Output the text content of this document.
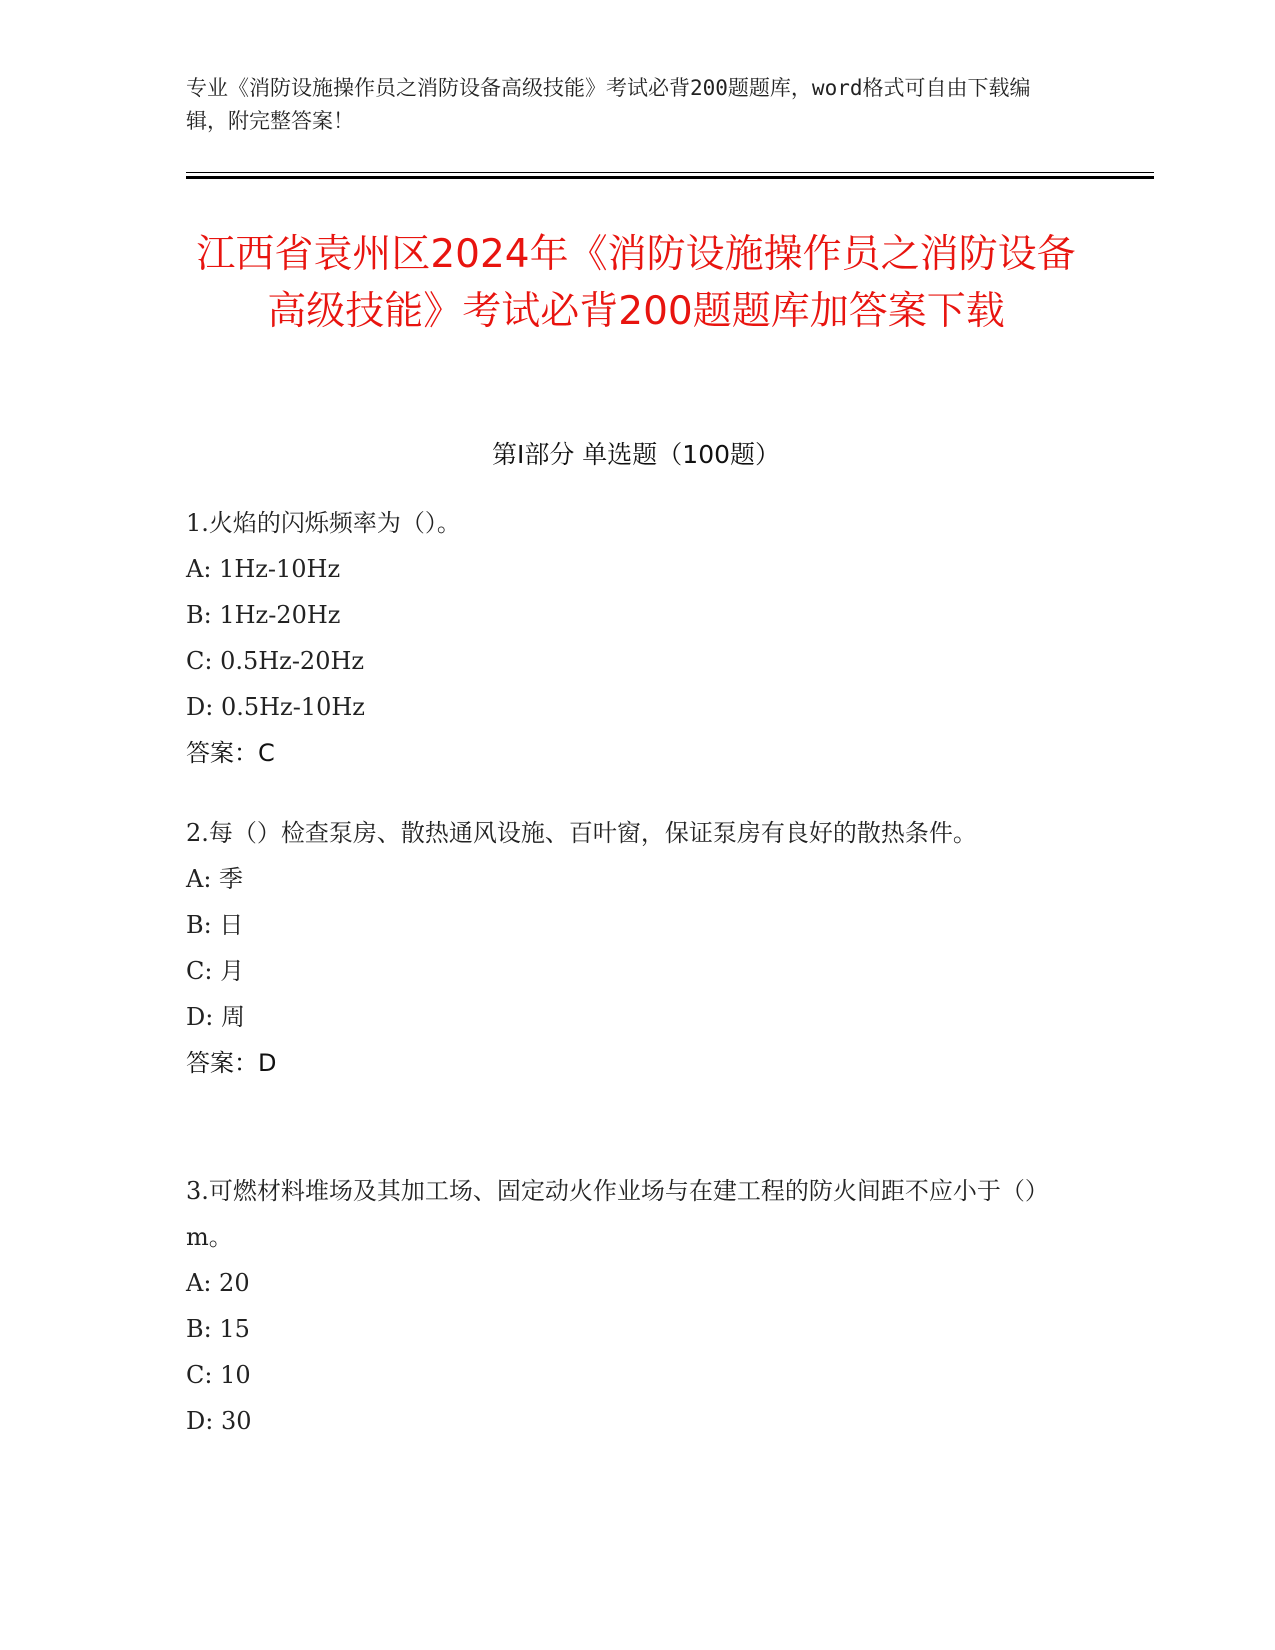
专业《消防设施操作员之消防设备高级技能》考试必背200题题库，word格式可自由下载编辑，附完整答案！
江西省袁州区2024年《消防设施操作员之消防设备高级技能》考试必背200题题库加答案下载
第Ⅰ部分 单选题（100题）

1.火焰的闪烁频率为（）。

A: 1Hz-10Hz

B: 1Hz-20Hz

C: 0.5Hz-20Hz

D: 0.5Hz-10Hz

答案：C

2.每（）检查泵房、散热通风设施、百叶窗，保证泵房有良好的散热条件。

A: 季

B: 日

C: 月

D: 周

答案：D

3.可燃材料堆场及其加工场、固定动火作业场与在建工程的防火间距不应小于（）m。

A: 20

B: 15

C: 10

D: 30
